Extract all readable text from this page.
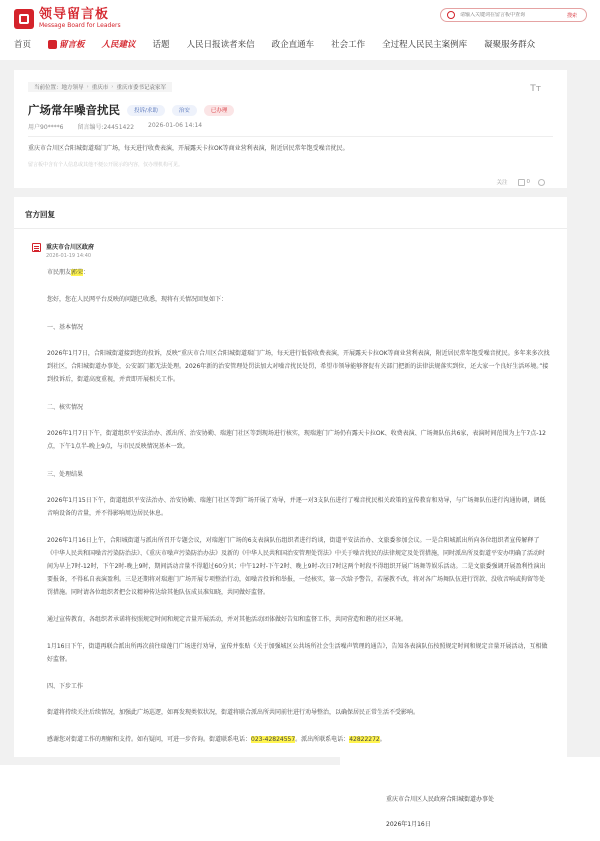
领导留言板
Message Board for Leaders
请输入关键词在留言板中查询
搜索
首页	留言板 人民建议 话题 人民日报读者来信 政企直通车 社会工作 全过程人民民主案例库 凝聚服务群众
当前位置： 地方领导 › 重庆市 › 重庆市委书记袁家军	Tт
广场常年噪音扰民	投诉/求助	治安	已办理
用户90****6 留言编号:24451422 2026-01-06 14:14
重庆市合川区合阳城街道瑞门广场，每天进行收费表演，开展露天卡拉OK等商业营利表演，附近居民常年饱受噪音扰民。
留言板中含有个人信息或其他不便公开展示的内容，仅办理机构可见。
关注	0
官方回复
重庆市合川区政府
2026-01-19 14:40
市民朋友郭荣：
您好，您在人民网平台反映的问题已收悉，现将有关情况回复如下：
一、基本情况
2026年1月7日，合阳城街道接到您的投诉，反映“重庆市合川区合阳城街道瑞门广场，每天进行低俗收费表演，开展露天卡拉OK等商业营利表演，附近居民常年饱受噪音扰民。多年来多次找到社区，合阳城街道办事处，公安部门都无法处理。2026年新的治安管理处罚法加大对噪音扰民处罚，希望市领导能够督促有关部门把新的法律法规落实到位，还大家一个良好生活环境。”接到投诉后，街道高度重视，并责即开展相关工作。
二、核实情况
2026年1月7日下午，街道组织平安法治办、派出所、治安协勤、瑞莲门社区等到现场进行核实，现瑞莲门广场仍有露天卡拉OK、收费表演、广场舞队伍共6家，表演时间范围为上午7点-12点，下午1点半-晚上9点，与市民反映情况基本一致。
三、处理结果
2026年1月15日下午，街道组织平安法治办、治安协勤、瑞莲门社区等到广场开展了劝导，并逐一对3支队伍进行了噪音扰民相关政策的宣传教育和劝导，与广场舞队伍进行沟通协调，调低音响设备的音量，并不得影响周边居民休息。
2026年1月16日上午，合阳城街道与派出所召开专题会议，对瑞莲门广场的6支表演队伍组织者进行约谈，街道平安法治办、文旅委参加会议。一是合阳城派出所向各位组织者宣传解释了《中华人民共和国噪音污染防治法》、《重庆市噪声污染防治办法》及新的《中华人民共和国治安管理处罚法》中关于噪音扰民的法律规定及处罚措施，同时派出所及街道平安办明确了活动时间为早上7时-12时，下午2时-晚上9时，期间活动音量不得超过60分贝；中午12时-下午2时、晚上9时-次日7时这两个时段不得组织开展广场舞等娱乐活动。二是文旅委强调开展盈利性演出要报备，不得私自表演盈利。三是还期将对瑞莲门广场开展专项整治行动，如噪音投诉和举报，一经核实，第一次给予警告，若屡教不改，将对各广场舞队伍进行罚款、没收音响或拘留等处罚措施。同时请各位组织者把会议精神传达给其他队伍成员准知晓，共同做好监督。
通过宣传教育，各组织者承诺将按照规定时间和规定音量开展活动，并对其他活动团体做好告知和监督工作，共同营造和谐的社区环境。
1月16日下午，街道再联合派出所再次前往瑞莲门广场进行劝导，宣传并张贴《关于加强城区公共场所社会生活噪声管理的通告》，告知各表演队伍按照规定时间和规定音量开展活动，互相做好监督。
四、下步工作
街道将持续关注后续情况，加强此广场巡逻，如再发现类似状况，街道将联合派出所共同前往进行劝导整治，以确保居民正常生活不受影响。
感谢您对街道工作的理解和支持。如有疑问，可进一步咨询。街道联系电话：023-42824557。派出所联系电话：42822272。
重庆市合川区人民政府合阳城街道办事处
2026年1月16日
